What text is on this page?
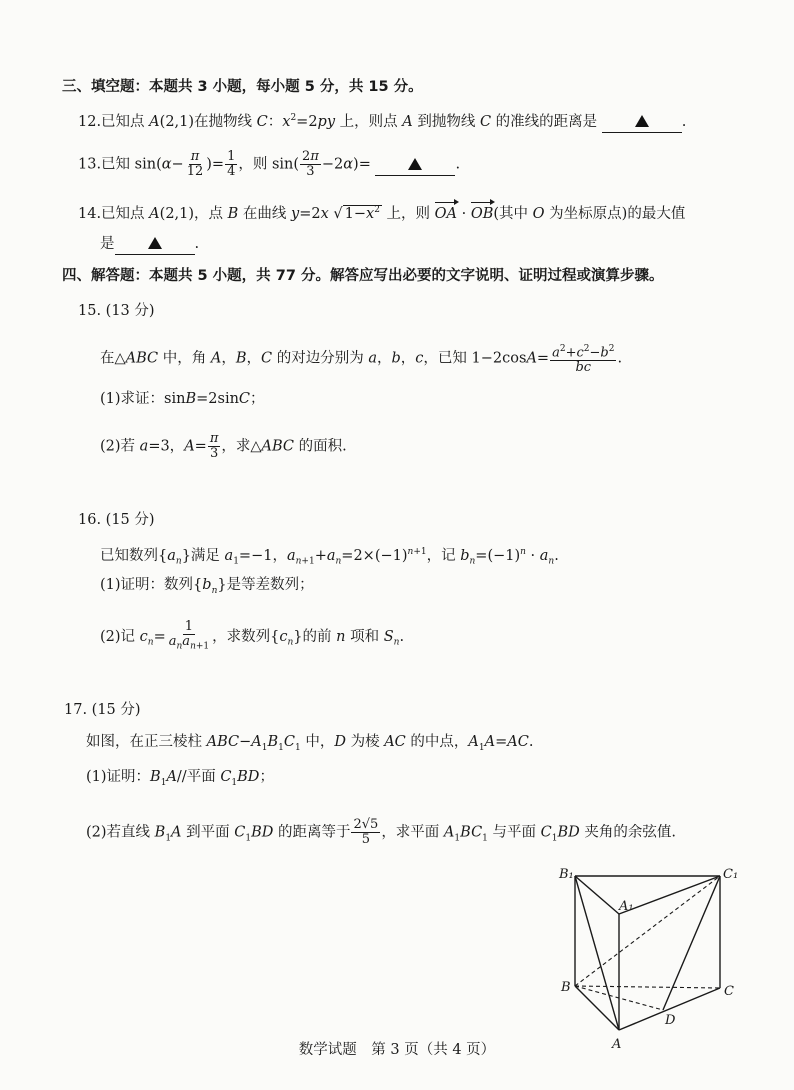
三、填空题：本题共 3 小题，每小题 5 分，共 15 分。
12.已知点 A(2,1)在抛物线 C：$x^2=2py$ 上，则点 A 到抛物线 C 的准线的距离是	.
13.已知 $\sin(\alpha- \frac{\pi}{12}$ )= $\frac{1}{4}$ ，则 $\sin( \frac{2\pi}{3} -2\alpha)=$	.
14.已知点 A(2,1)，点 B 在曲线 y=2x √ $1-x^2$ 上，则 OA · OB(其中 O 为坐标原点)的最大值
是	.
四、解答题：本题共 5 小题，共 77 分。解答应写出必要的文字说明、证明过程或演算步骤。
15. (13 分)
在△ABC 中，角 A，B，C 的对边分别为 a，b，c，已知 $1-2\cos A= \frac{a^2+c^2-b^2}{bc}$ .
(1)求证：sinB=2sinC；
(2)若 a=3，$A= \frac{\pi}{3}$ ，求△ABC 的面积.
16. (15 分)
已知数列$\{a_n\}$满足 $a_1=-1$，$a_{n+1}+a_n=2\times(-1)^{n+1}$，记 $b_n=(-1)^n \cdot a_n$.
(1)证明：数列$\{b_n\}$是等差数列；
(2)记 $c_n= \frac{1}{a_na_{n+1}}$ ，求数列$\{c_n\}$的前 n 项和 $S_n$.
17. (15 分)
如图，在正三棱柱 $ABC-A_1B_1C_1$ 中，D 为棱 AC 的中点，$A_1A=AC$.
(1)证明：$B_1A//$平面 $C_1BD$；
(2)若直线 $B_1A$ 到平面 $C_1BD$ 的距离等于 $\frac{2√5}{5}$ ，求平面 $A_1BC_1$ 与平面 $C_1BD$ 夹角的余弦值.
B₁	C₁
A₁
B	C
D
A
数学试题　第 3 页（共 4 页）
